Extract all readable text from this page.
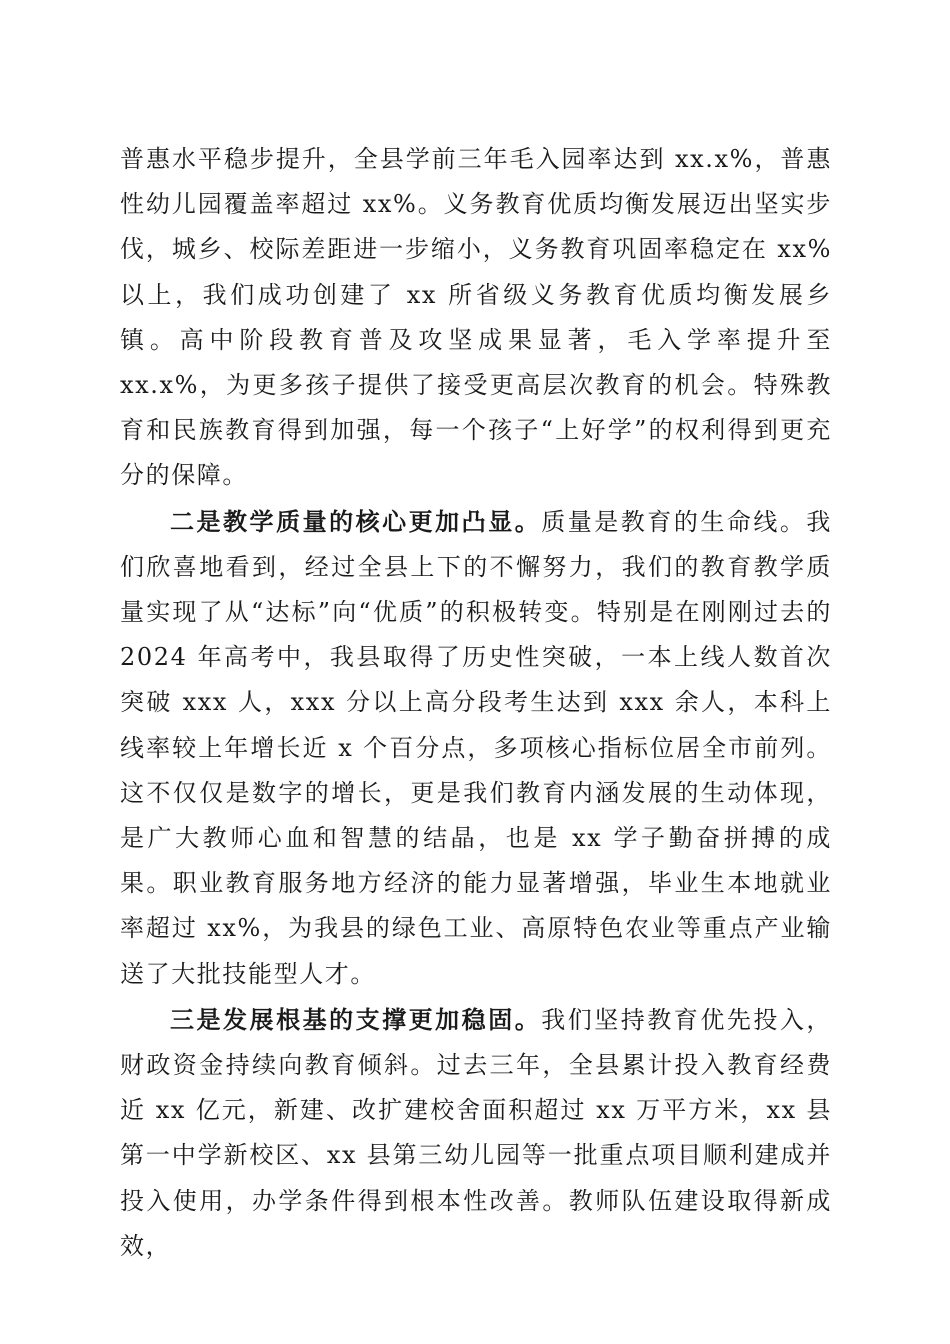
普惠水平稳步提升，全县学前三年毛入园率达到 xx.x%，普惠性幼儿园覆盖率超过 xx%。义务教育优质均衡发展迈出坚实步伐，城乡、校际差距进一步缩小，义务教育巩固率稳定在 xx%以上，我们成功创建了 xx 所省级义务教育优质均衡发展乡镇。高中阶段教育普及攻坚成果显著，毛入学率提升至 xx.x%，为更多孩子提供了接受更高层次教育的机会。特殊教育和民族教育得到加强，每一个孩子“上好学”的权利得到更充分的保障。

二是教学质量的核心更加凸显。质量是教育的生命线。我们欣喜地看到，经过全县上下的不懈努力，我们的教育教学质量实现了从“达标”向“优质”的积极转变。特别是在刚刚过去的 2024 年高考中，我县取得了历史性突破，一本上线人数首次突破 xxx 人，xxx 分以上高分段考生达到 xxx 余人，本科上线率较上年增长近 x 个百分点，多项核心指标位居全市前列。这不仅仅是数字的增长，更是我们教育内涵发展的生动体现，是广大教师心血和智慧的结晶，也是 xx 学子勤奋拼搏的成果。职业教育服务地方经济的能力显著增强，毕业生本地就业率超过 xx%，为我县的绿色工业、高原特色农业等重点产业输送了大批技能型人才。

三是发展根基的支撑更加稳固。我们坚持教育优先投入，财政资金持续向教育倾斜。过去三年，全县累计投入教育经费近 xx 亿元，新建、改扩建校舍面积超过 xx 万平方米，xx 县第一中学新校区、xx 县第三幼儿园等一批重点项目顺利建成并投入使用，办学条件得到根本性改善。教师队伍建设取得新成效，
